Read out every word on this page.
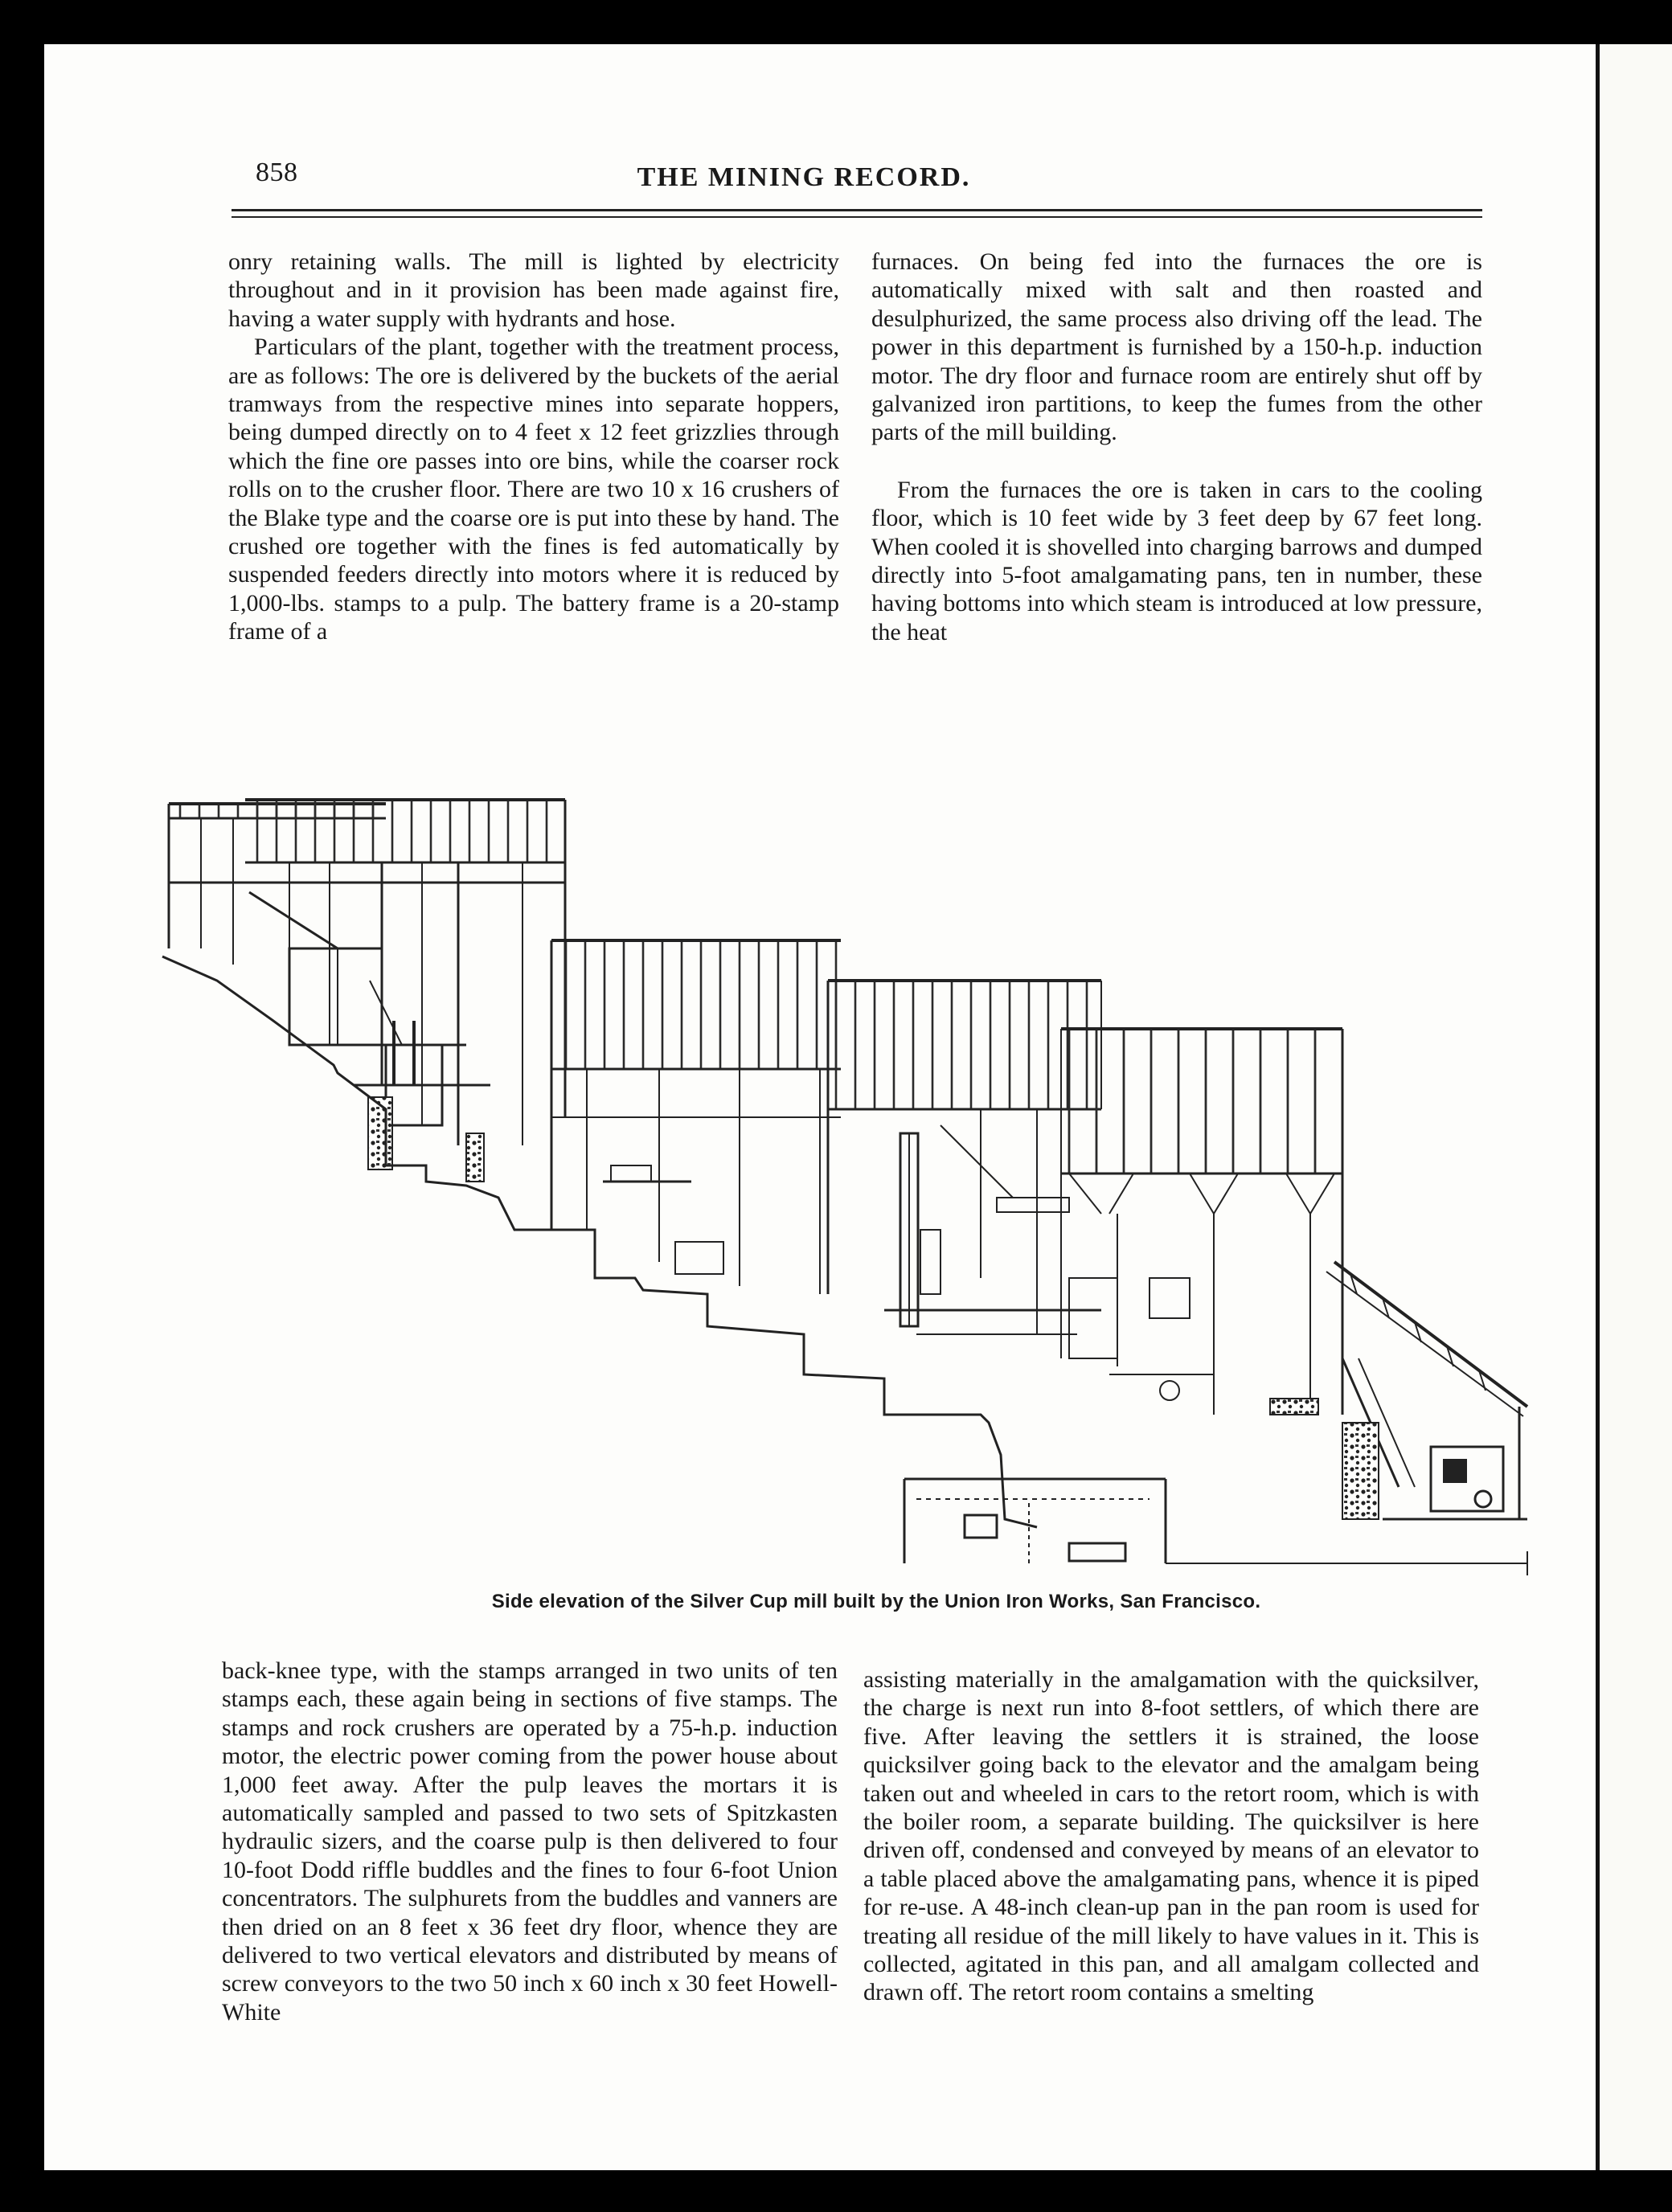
858	THE MINING RECORD.

onry retaining walls. The mill is lighted by electricity throughout and in it provision has been made against fire, having a water supply with hydrants and hose.

Particulars of the plant, together with the treatment process, are as follows: The ore is delivered by the buckets of the aerial tramways from the respective mines into separate hoppers, being dumped directly on to 4 feet x 12 feet grizzlies through which the fine ore passes into ore bins, while the coarser rock rolls on to the crusher floor. There are two 10 x 16 crushers of the Blake type and the coarse ore is put into these by hand. The crushed ore together with the fines is fed automatically by suspended feeders directly into motors where it is reduced by 1,000-lbs. stamps to a pulp. The battery frame is a 20-stamp frame of a

furnaces. On being fed into the furnaces the ore is automatically mixed with salt and then roasted and desulphurized, the same process also driving off the lead. The power in this department is furnished by a 150-h.p. induction motor. The dry floor and furnace room are entirely shut off by galvanized iron partitions, to keep the fumes from the other parts of the mill building.

From the furnaces the ore is taken in cars to the cooling floor, which is 10 feet wide by 3 feet deep by 67 feet long. When cooled it is shovelled into charging barrows and dumped directly into 5-foot amalgamating pans, ten in number, these having bottoms into which steam is introduced at low pressure, the heat

Side elevation of the Silver Cup mill built by the Union Iron Works, San Francisco.

back-knee type, with the stamps arranged in two units of ten stamps each, these again being in sections of five stamps. The stamps and rock crushers are operated by a 75-h.p. induction motor, the electric power coming from the power house about 1,000 feet away. After the pulp leaves the mortars it is automatically sampled and passed to two sets of Spitzkasten hydraulic sizers, and the coarse pulp is then delivered to four 10-foot Dodd riffle buddles and the fines to four 6-foot Union concentrators. The sulphurets from the buddles and vanners are then dried on an 8 feet x 36 feet dry floor, whence they are delivered to two vertical elevators and distributed by means of screw conveyors to the two 50 inch x 60 inch x 30 feet Howell-White

assisting materially in the amalgamation with the quicksilver, the charge is next run into 8-foot settlers, of which there are five. After leaving the settlers it is strained, the loose quicksilver going back to the elevator and the amalgam being taken out and wheeled in cars to the retort room, which is with the boiler room, a separate building. The quicksilver is here driven off, condensed and conveyed by means of an elevator to a table placed above the amalgamating pans, whence it is piped for re-use. A 48-inch clean-up pan in the pan room is used for treating all residue of the mill likely to have values in it. This is collected, agitated in this pan, and all amalgam collected and drawn off. The retort room contains a smelting
